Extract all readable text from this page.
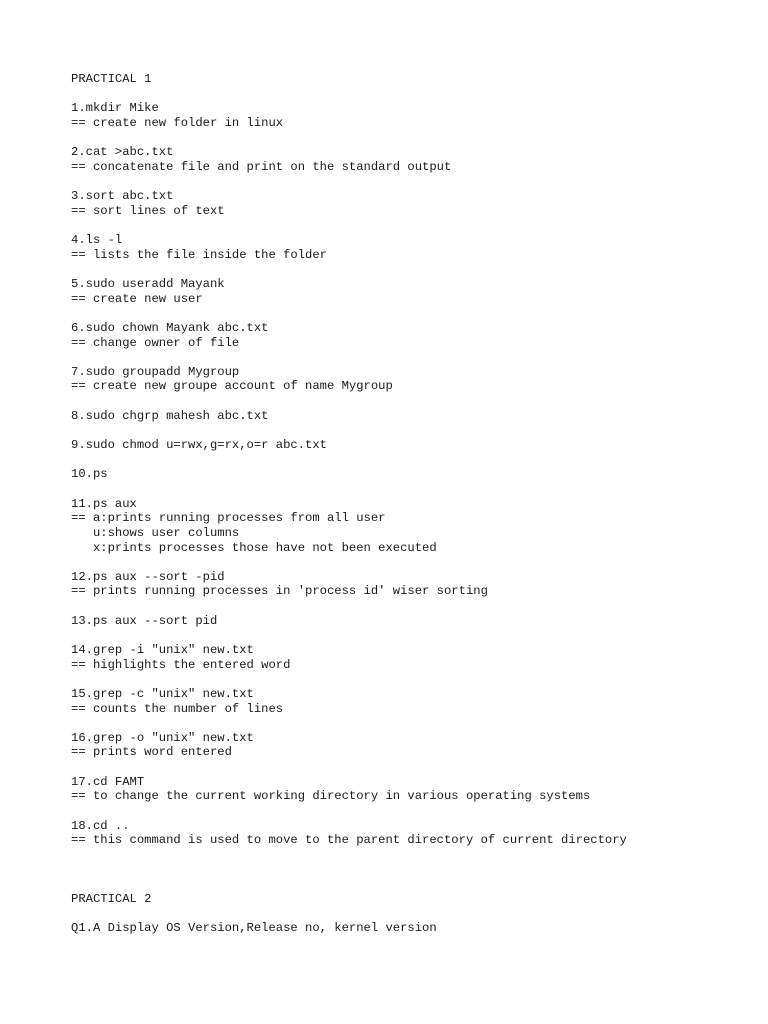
PRACTICAL 1
1.mkdir Mike
== create new folder in linux
2.cat >abc.txt
== concatenate file and print on the standard output
3.sort abc.txt
== sort lines of text
4.ls -l
== lists the file inside the folder
5.sudo useradd Mayank
== create new user
6.sudo chown Mayank abc.txt
== change owner of file
7.sudo groupadd Mygroup
== create new groupe account of name Mygroup
8.sudo chgrp mahesh abc.txt
9.sudo chmod u=rwx,g=rx,o=r abc.txt
10.ps
11.ps aux
== a:prints running processes from all user
u:shows user columns
x:prints processes those have not been executed
12.ps aux --sort -pid
== prints running processes in 'process id' wiser sorting
13.ps aux --sort pid
14.grep -i "unix" new.txt
== highlights the entered word
15.grep -c "unix" new.txt
== counts the number of lines
16.grep -o "unix" new.txt
== prints word entered
17.cd FAMT
== to change the current working directory in various operating systems
18.cd ..
== this command is used to move to the parent directory of current directory
PRACTICAL 2
Q1.A Display OS Version,Release no, kernel version
